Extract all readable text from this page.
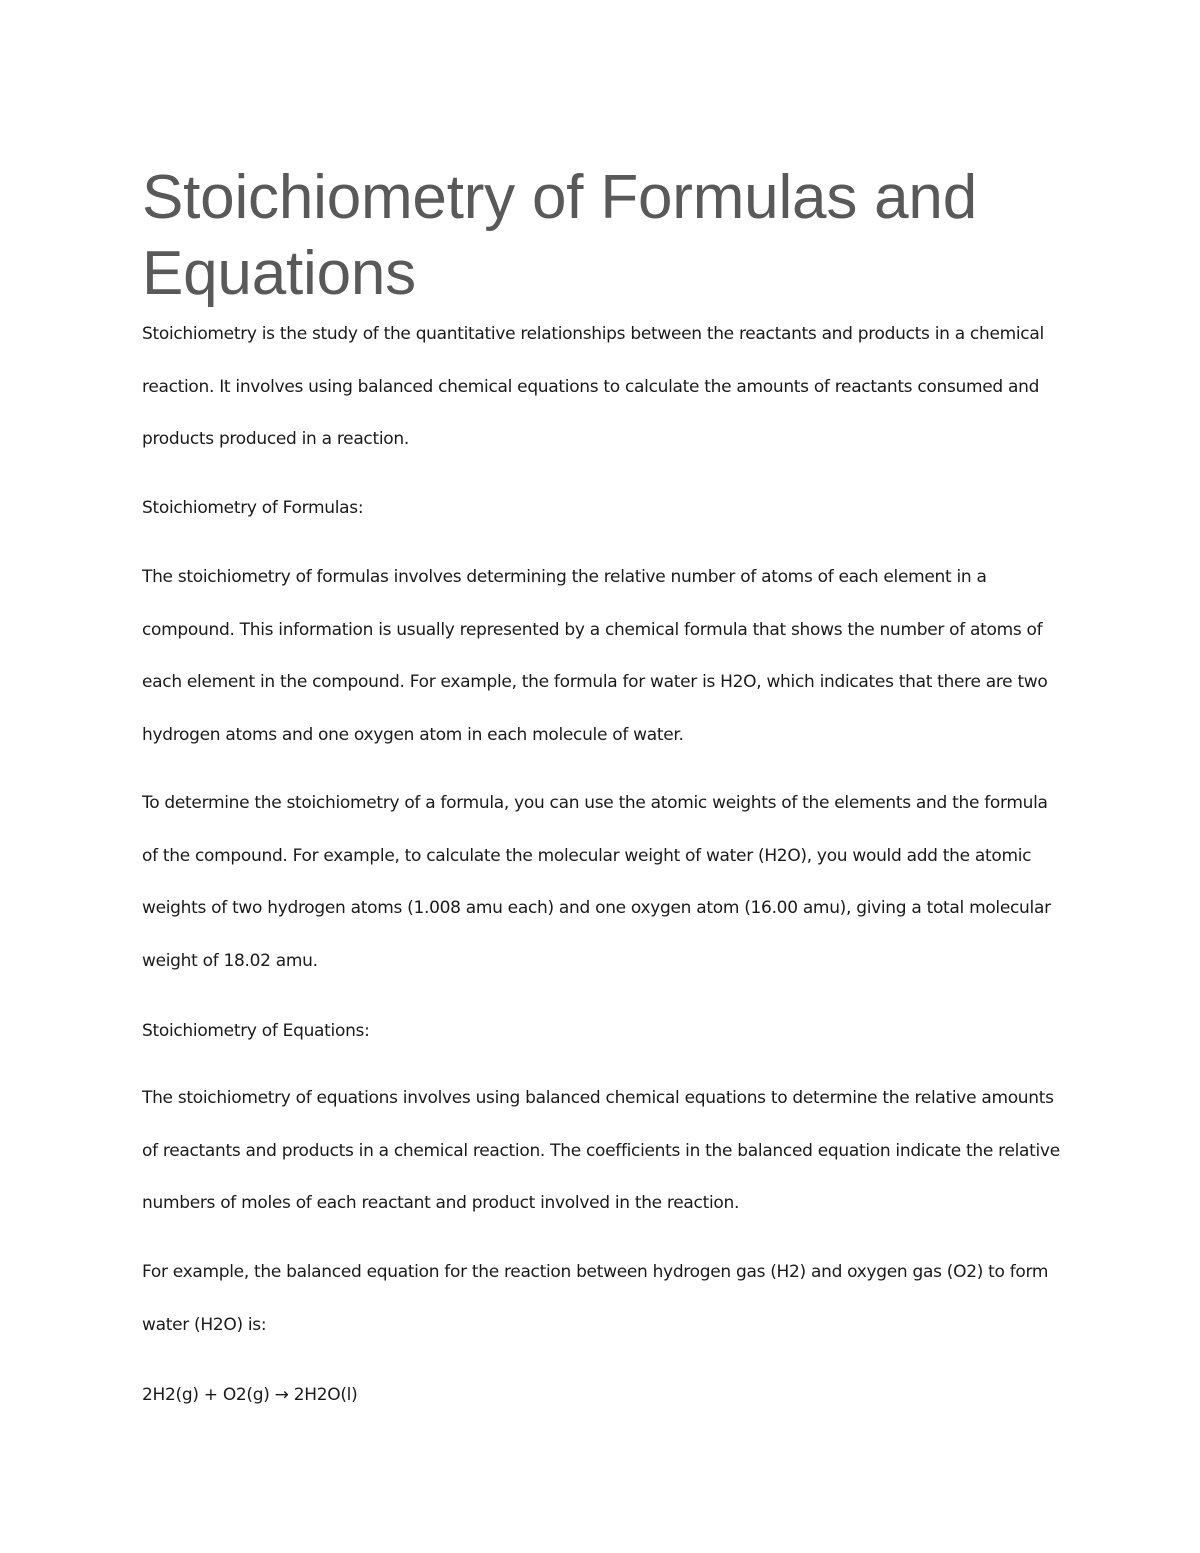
Stoichiometry of Formulas and Equations

Stoichiometry is the study of the quantitative relationships between the reactants and products in a chemical reaction. It involves using balanced chemical equations to calculate the amounts of reactants consumed and products produced in a reaction.

Stoichiometry of Formulas:

The stoichiometry of formulas involves determining the relative number of atoms of each element in a compound. This information is usually represented by a chemical formula that shows the number of atoms of each element in the compound. For example, the formula for water is H2O, which indicates that there are two hydrogen atoms and one oxygen atom in each molecule of water.

To determine the stoichiometry of a formula, you can use the atomic weights of the elements and the formula of the compound. For example, to calculate the molecular weight of water (H2O), you would add the atomic weights of two hydrogen atoms (1.008 amu each) and one oxygen atom (16.00 amu), giving a total molecular weight of 18.02 amu.

Stoichiometry of Equations:

The stoichiometry of equations involves using balanced chemical equations to determine the relative amounts of reactants and products in a chemical reaction. The coefficients in the balanced equation indicate the relative numbers of moles of each reactant and product involved in the reaction.

For example, the balanced equation for the reaction between hydrogen gas (H2) and oxygen gas (O2) to form water (H2O) is:

2H2(g) + O2(g) → 2H2O(l)
